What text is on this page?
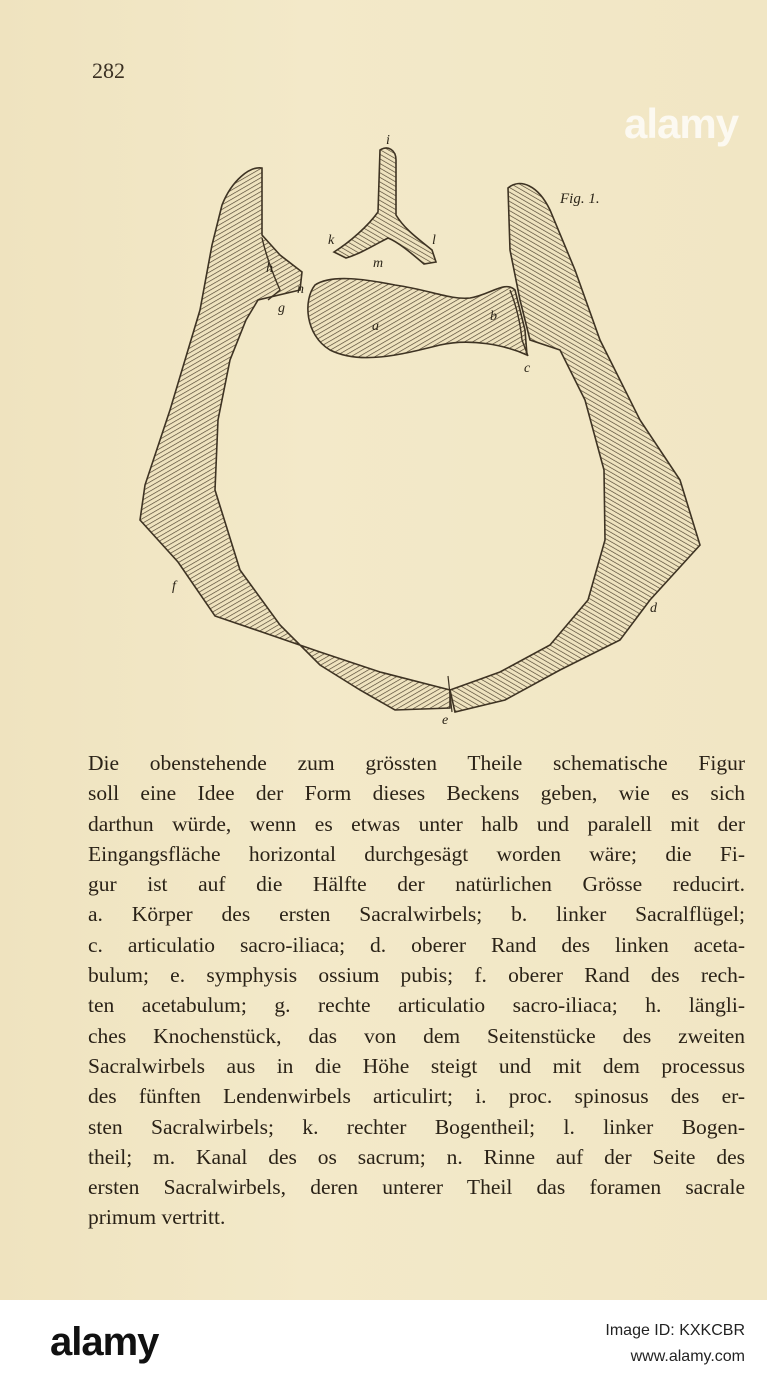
282
alamy
Fig. 1.
i
k	l
m
h
n
g
a
b
c
d
e
f
Die obenstehende zum grössten Theile schematische Figur
soll eine Idee der Form dieses Beckens geben, wie es sich
darthun würde, wenn es etwas unter halb und paralell mit der
Eingangsfläche horizontal durchgesägt worden wäre; die Fi-
gur ist auf die Hälfte der natürlichen Grösse reducirt.
a. Körper des ersten Sacralwirbels; b. linker Sacralflügel;
c. articulatio sacro-iliaca; d. oberer Rand des linken aceta-
bulum; e. symphysis ossium pubis; f. oberer Rand des rech-
ten acetabulum; g. rechte articulatio sacro-iliaca; h. längli-
ches Knochenstück, das von dem Seitenstücke des zweiten
Sacralwirbels aus in die Höhe steigt und mit dem processus
des fünften Lendenwirbels articulirt; i. proc. spinosus des er-
sten Sacralwirbels; k. rechter Bogentheil; l. linker Bogen-
theil; m. Kanal des os sacrum; n. Rinne auf der Seite des
ersten Sacralwirbels, deren unterer Theil das foramen sacrale
primum vertritt.
alamy	Image ID: KXKCBR
www.alamy.com
